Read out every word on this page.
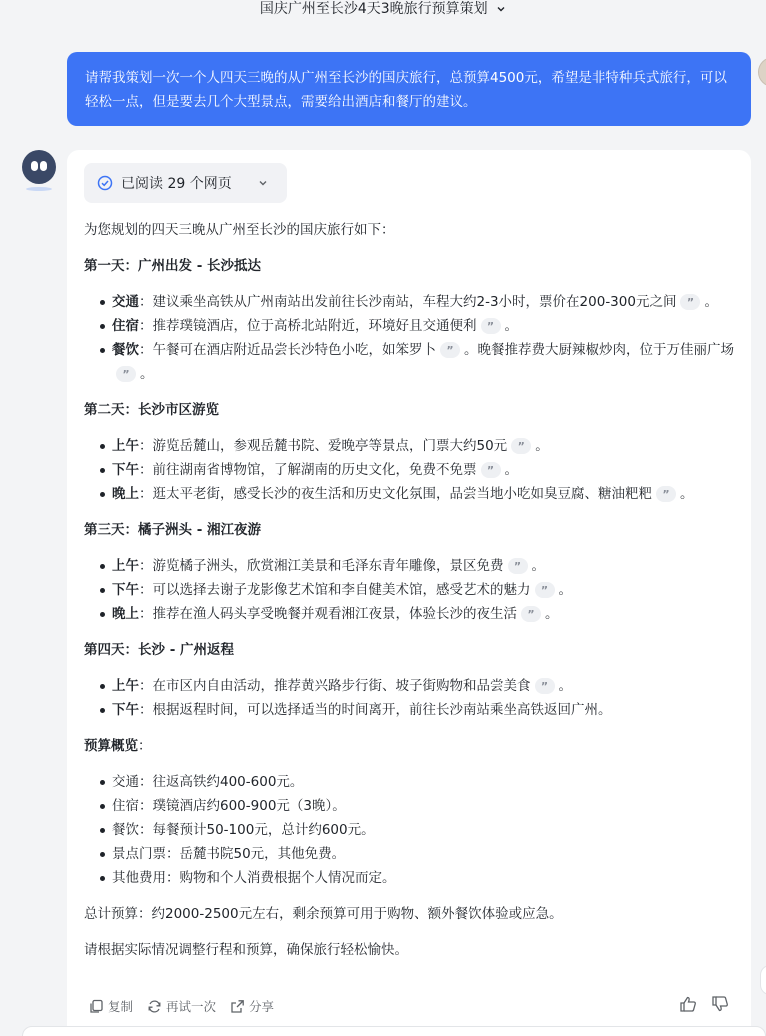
国庆广州至长沙4天3晚旅行预算策划
请帮我策划一次一个人四天三晚的从广州至长沙的国庆旅行，总预算4500元，希望是非特种兵式旅行，可以轻松一点，但是要去几个大型景点，需要给出酒店和餐厅的建议。
已阅读 29 个网页
为您规划的四天三晚从广州至长沙的国庆旅行如下：
第一天：广州出发 - 长沙抵达
交通：建议乘坐高铁从广州南站出发前往长沙南站，车程大约2-3小时，票价在200-300元之间 ” 。
住宿：推荐璞镜酒店，位于高桥北站附近，环境好且交通便利 ” 。
餐饮：午餐可在酒店附近品尝长沙特色小吃，如笨罗卜 ” 。晚餐推荐费大厨辣椒炒肉，位于万佳丽广场” 。
第二天：长沙市区游览
上午：游览岳麓山，参观岳麓书院、爱晚亭等景点，门票大约50元 ” 。
下午：前往湖南省博物馆，了解湖南的历史文化，免费不免票 ” 。
晚上：逛太平老街，感受长沙的夜生活和历史文化氛围，品尝当地小吃如臭豆腐、糖油粑粑 ” 。
第三天：橘子洲头 - 湘江夜游
上午：游览橘子洲头，欣赏湘江美景和毛泽东青年雕像，景区免费 ” 。
下午：可以选择去谢子龙影像艺术馆和李自健美术馆，感受艺术的魅力 ” 。
晚上：推荐在渔人码头享受晚餐并观看湘江夜景，体验长沙的夜生活 ” 。
第四天：长沙 - 广州返程
上午：在市区内自由活动，推荐黄兴路步行街、坡子街购物和品尝美食 ” 。
下午：根据返程时间，可以选择适当的时间离开，前往长沙南站乘坐高铁返回广州。
预算概览：
交通：往返高铁约400-600元。
住宿：璞镜酒店约600-900元（3晚）。
餐饮：每餐预计50-100元，总计约600元。
景点门票：岳麓书院50元，其他免费。
其他费用：购物和个人消费根据个人情况而定。
总计预算：约2000-2500元左右，剩余预算可用于购物、额外餐饮体验或应急。
请根据实际情况调整行程和预算，确保旅行轻松愉快。
复制	再试一次	分享
